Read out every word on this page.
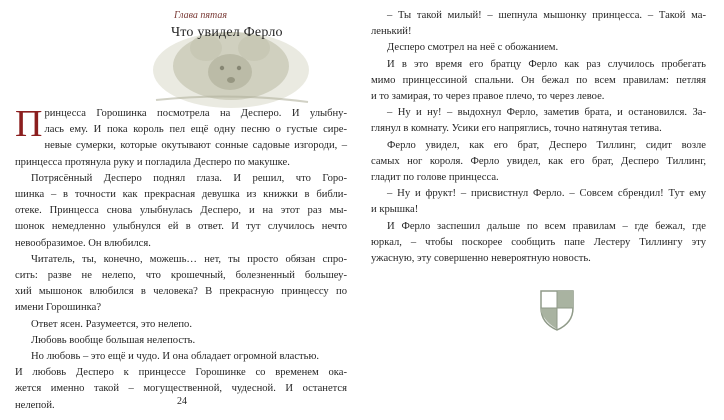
Глава пятая

Что увидел Ферло

П ринцесса Горошинка посмотрела на Десперо. И улыбну-
лась ему. И пока король пел ещё одну песню о густые сире-
невые сумерки, которые окутывают сонные садовые изгороди, –
принцесса протянула руку и погладила Десперо по макушке.

Потрясённый Десперо поднял глаза. И решил, что Горо-
шинка – в точности как прекрасная девушка из книжки в библи-
отеке. Принцесса снова улыбнулась Десперо, и на этот раз мы-
шонок немедленно улыбнулся ей в ответ. И тут случилось нечто
невообразимое. Он влюбился.

Читатель, ты, конечно, можешь… нет, ты просто обязан спро-
сить: разве не нелепо, что крошечный, болезненный большеу-
хий мышонок влюбился в человека? В прекрасную принцессу по
имени Горошинка?

Ответ ясен. Разумеется, это нелепо.

Любовь вообще большая нелепость.

Но любовь – это ещё и чудо. И она обладает огромной властью.

И любовь Десперо к принцессе Горошинке со временем ока-
жется именно такой – могущественной, чудесной. И останется
нелепой.	24

– Ты такой милый! – шепнула мышонку принцесса. – Такой ма-
ленький!

Десперо смотрел на неё с обожанием.

И в это время его братцу Ферло как раз случилось пробегать
мимо принцессиной спальни. Он бежал по всем правилам: петляя
и то замирая, то через правое плечо, то через левое.

– Ну и ну! – выдохнул Ферло, заметив брата, и остановился. За-
глянул в комнату. Усики его напряглись, точно натянутая тетива.

Ферло увидел, как его брат, Десперо Тиллинг, сидит возле
самых ног короля. Ферло увидел, как его брат, Десперо Тиллинг,
гладит по голове принцесса.

– Ну и фрукт! – присвистнул Ферло. – Совсем сбрендил! Тут ему
и крышка!

И Ферло заспешил дальше по всем правилам – где бежал, где
юркал, – чтобы поскорее сообщить папе Лестеру Тиллингу эту
ужасную, эту совершенно невероятную новость.
